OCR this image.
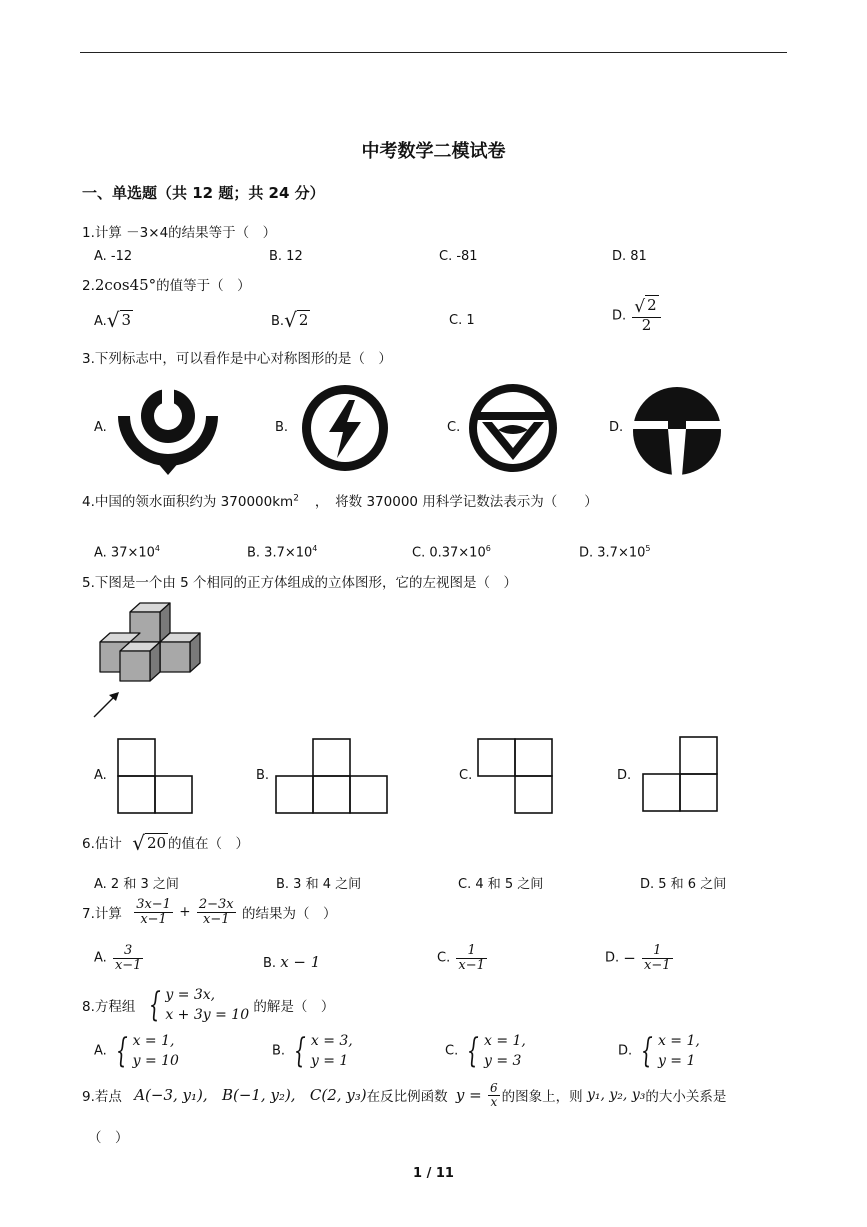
中考数学二模试卷
一、单选题（共 12 题；共 24 分）
1.计算 －3×4的结果等于（　）
A. -12	B. 12	C. -81	D. 81
2.2cos45°的值等于（　）
A.√ 3	B.√ 2	C. 1	D. $\frac{√ 2}{2}$
3.下列标志中，可以看作是中心对称图形的是（　）
A.	B.	C.	D.
4.中国的领水面积约为 $370000km^2$ ，　将数 370000 用科学记数法表示为（　　）
A. $37\times 10^4$	B. $3.7\times 10^4$	C. $0.37\times 10^6$	D. $3.7\times 10^5$
5.下图是一个由 5 个相同的正方体组成的立体图形，它的左视图是（　）
A.	B.	C.	D.
6.估计 √ 20 的值在（　）
A. 2 和 3 之间	B. 3 和 4 之间	C. 4 和 5 之间	D. 5 和 6 之间
7.计算 $\frac{3x-1}{x-1} + \frac{2-3x}{x-1}$ 的结果为（　）
A. $\frac{3}{x-1}$	B. x − 1	C. $\frac{1}{x-1}$	D. − $\frac{1}{x-1}$
8.方程组 { y = 3x,
x + 3y = 10 的解是（　）
A. { x = 1,
y = 10
B. { x = 3,
y = 1
C. { x = 1,
y = 3
D. { x = 1,
y = 1
9.若点 A(−3, y₁), B(−1, y₂), C(2, y₃)在反比例函数 $y = \frac{6}{x}$ 的图象上，则 y₁, y₂, y₃的大小关系是
（　）
1 / 11
